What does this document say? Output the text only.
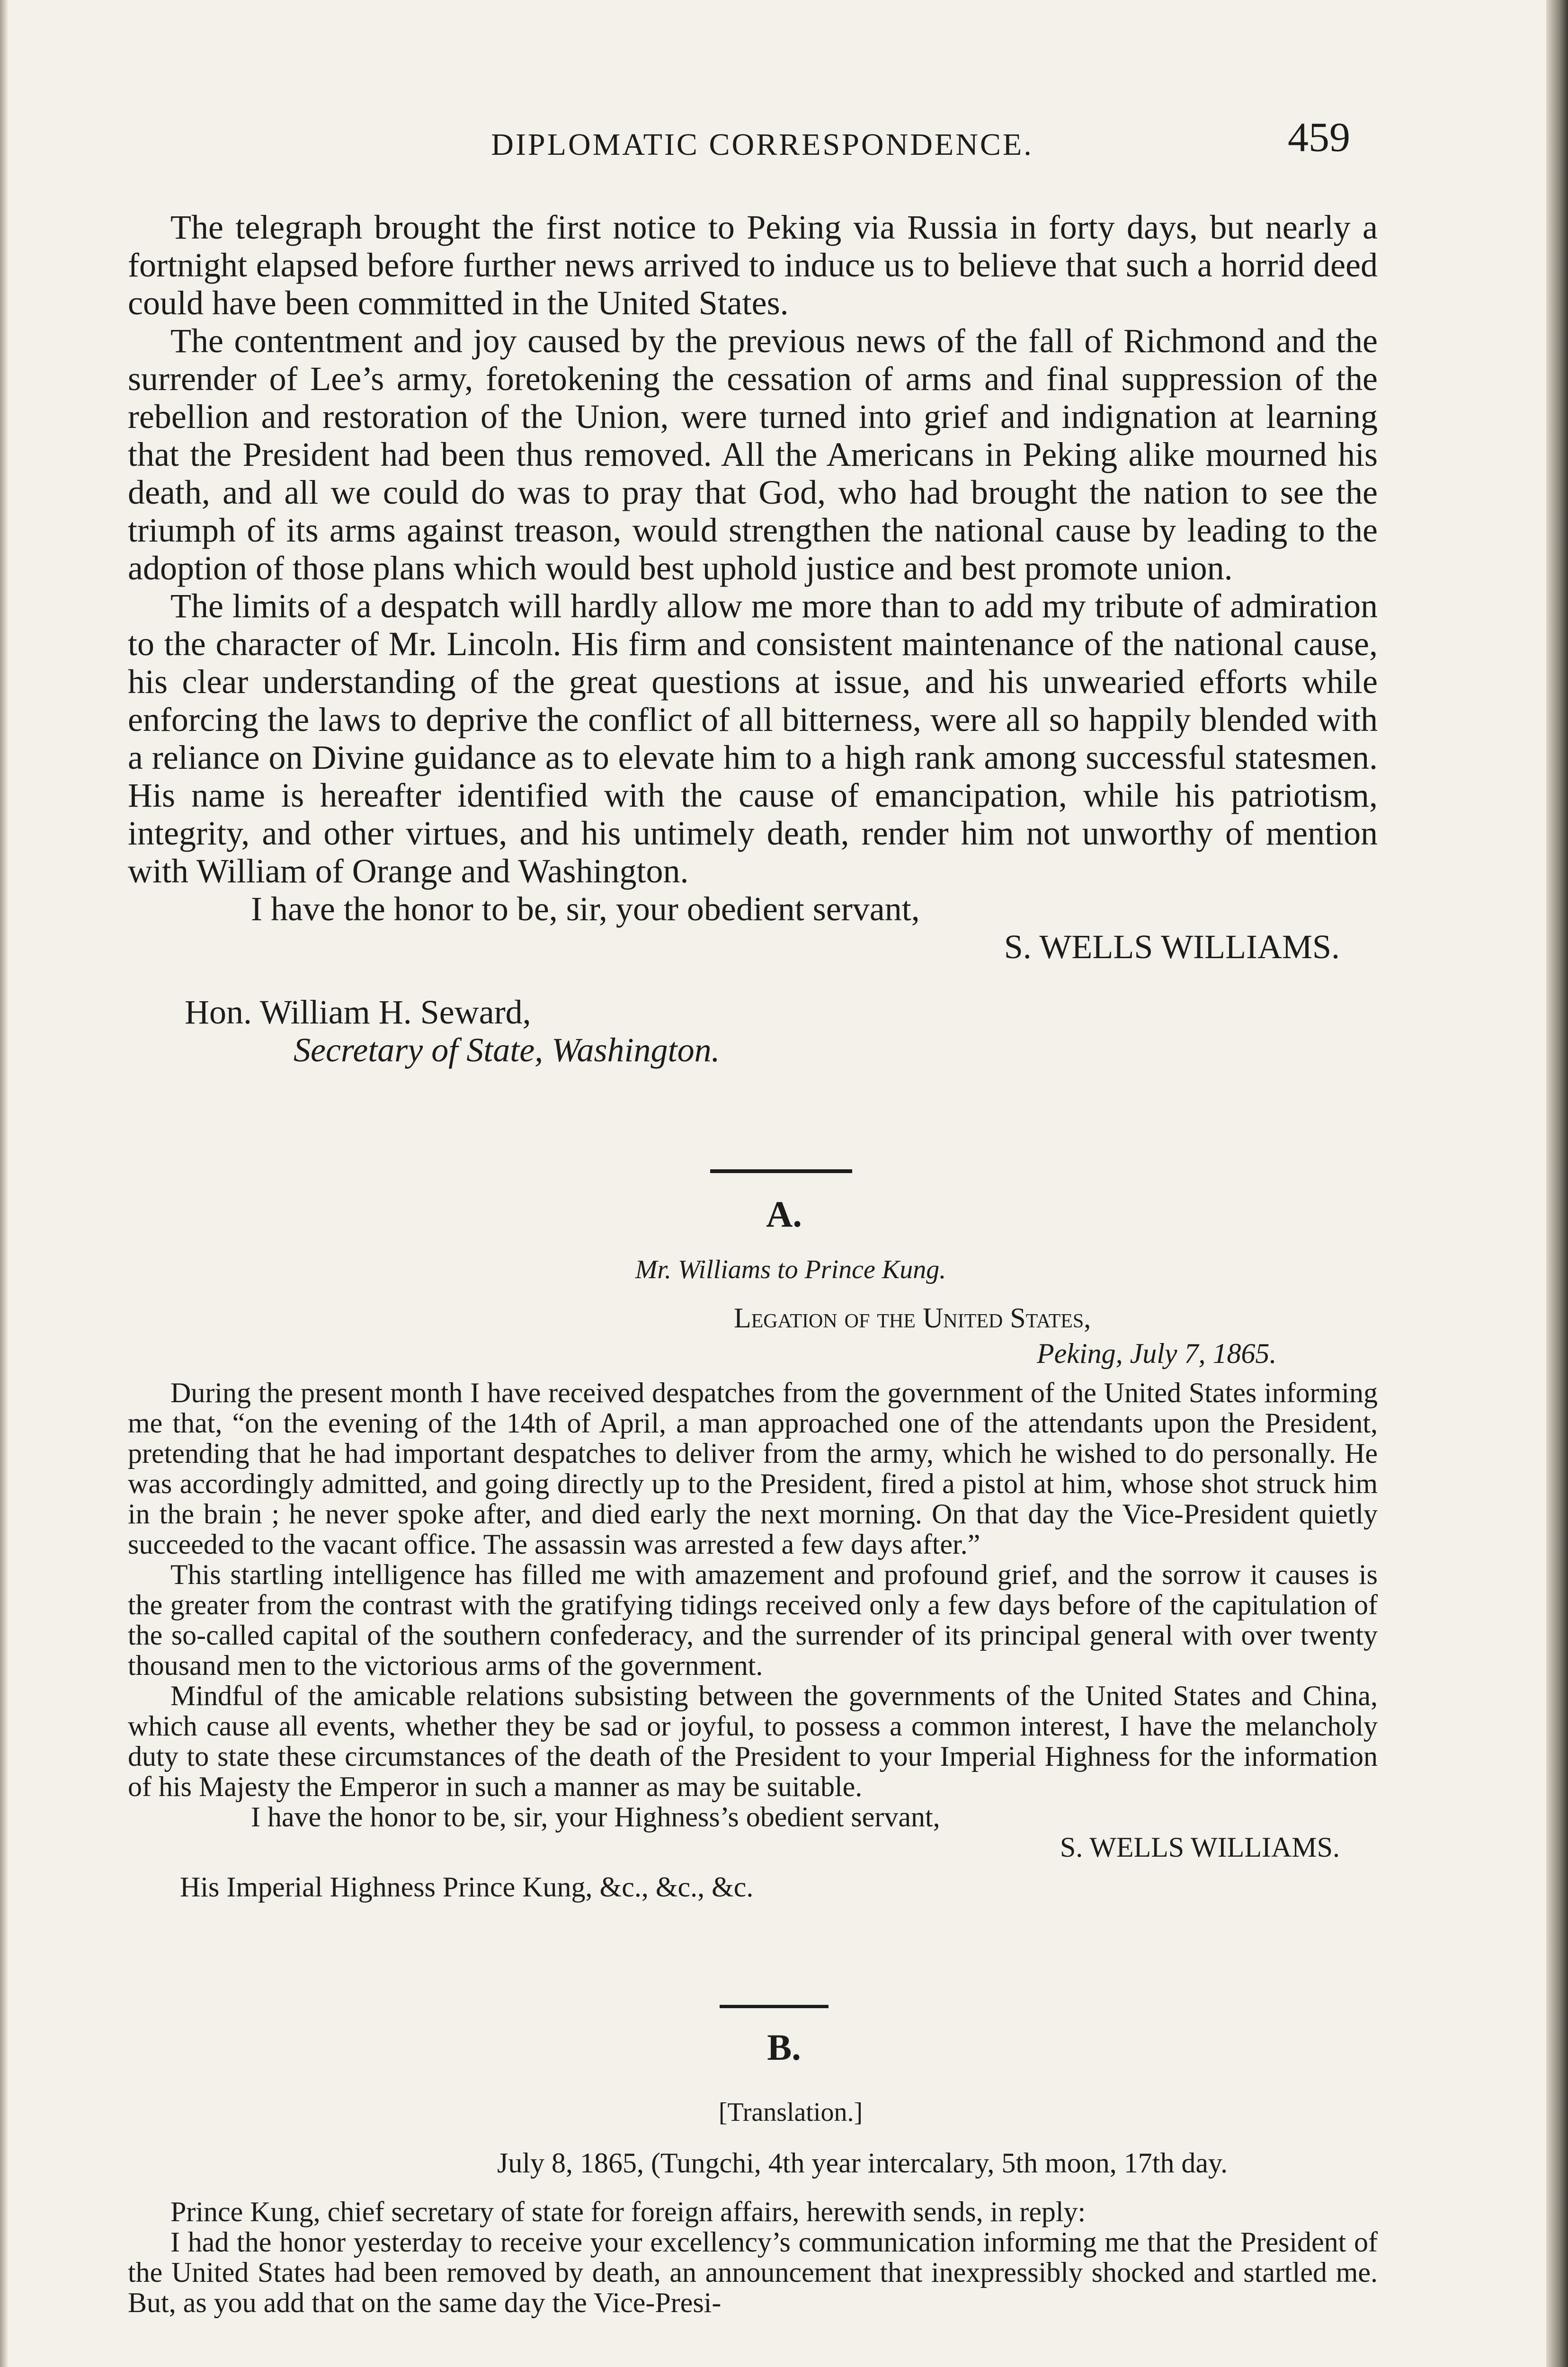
DIPLOMATIC CORRESPONDENCE.	459

The telegraph brought the first notice to Peking via Russia in forty days, but nearly a fortnight elapsed before further news arrived to induce us to believe that such a horrid deed could have been committed in the United States.

The contentment and joy caused by the previous news of the fall of Richmond and the surrender of Lee’s army, foretokening the cessation of arms and final suppression of the rebellion and restoration of the Union, were turned into grief and indignation at learning that the President had been thus removed. All the Americans in Peking alike mourned his death, and all we could do was to pray that God, who had brought the nation to see the triumph of its arms against treason, would strengthen the national cause by leading to the adoption of those plans which would best uphold justice and best promote union.

The limits of a despatch will hardly allow me more than to add my tribute of admiration to the character of Mr. Lincoln. His firm and consistent maintenance of the national cause, his clear understanding of the great questions at issue, and his unwearied efforts while enforcing the laws to deprive the conflict of all bitterness, were all so happily blended with a reliance on Divine guidance as to elevate him to a high rank among successful statesmen. His name is hereafter identified with the cause of emancipation, while his patriotism, integrity, and other virtues, and his untimely death, render him not unworthy of mention with William of Orange and Washington.

I have the honor to be, sir, your obedient servant,
S. WELLS WILLIAMS.
Hon. William H. Seward,
Secretary of State, Washington.
A.
Mr. Williams to Prince Kung.
Legation of the United States,
Peking, July 7, 1865.

During the present month I have received despatches from the government of the United States informing me that, “on the evening of the 14th of April, a man approached one of the attendants upon the President, pretending that he had important despatches to deliver from the army, which he wished to do personally. He was accordingly admitted, and going directly up to the President, fired a pistol at him, whose shot struck him in the brain ; he never spoke after, and died early the next morning. On that day the Vice-President quietly succeeded to the vacant office. The assassin was arrested a few days after.”

This startling intelligence has filled me with amazement and profound grief, and the sorrow it causes is the greater from the contrast with the gratifying tidings received only a few days before of the capitulation of the so-called capital of the southern confederacy, and the surrender of its principal general with over twenty thousand men to the victorious arms of the government.

Mindful of the amicable relations subsisting between the governments of the United States and China, which cause all events, whether they be sad or joyful, to possess a common interest, I have the melancholy duty to state these circumstances of the death of the President to your Imperial Highness for the information of his Majesty the Emperor in such a manner as may be suitable.

I have the honor to be, sir, your Highness’s obedient servant,
S. WELLS WILLIAMS.
His Imperial Highness Prince Kung, &c., &c., &c.
B.
[Translation.]
July 8, 1865, (Tungchi, 4th year intercalary, 5th moon, 17th day.

Prince Kung, chief secretary of state for foreign affairs, herewith sends, in reply:

I had the honor yesterday to receive your excellency’s communication informing me that the President of the United States had been removed by death, an announcement that inexpressibly shocked and startled me. But, as you add that on the same day the Vice-Presi-
